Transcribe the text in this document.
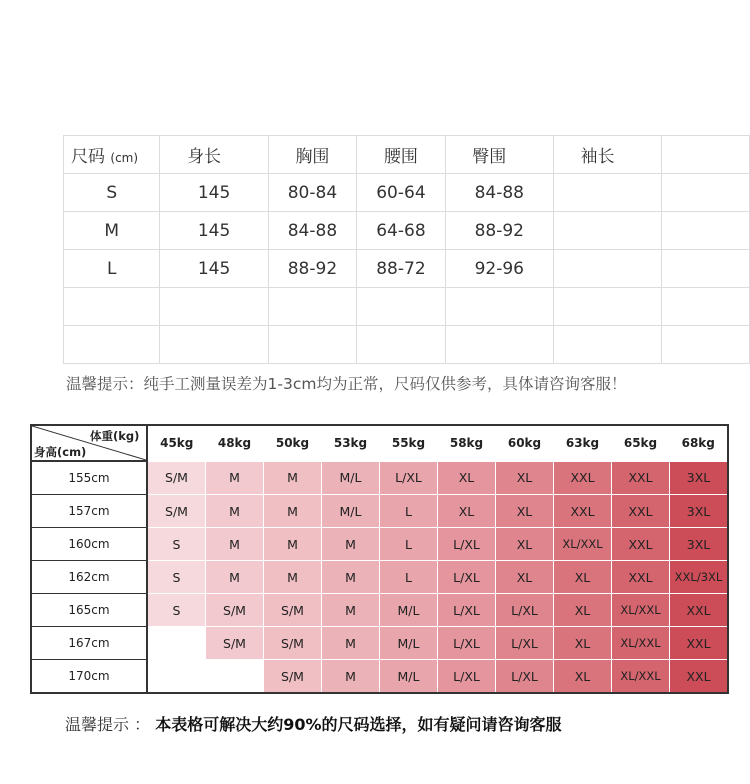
尺码 (cm)	身长	胸围	腰围	臀围	袖长	
S	145	80-84	60-64	84-88		
M	145	84-88	64-68	88-92		
L	145	88-92	88-72	92-96		

温馨提示：纯手工测量误差为1-3cm均为正常，尺码仅供参考，具体请咨询客服！
体重(kg)
身高(cm)	45kg	48kg	50kg	53kg	55kg	58kg	60kg	63kg	65kg	68kg
155cm	S/M	M	M	M/L	L/XL	XL	XL	XXL	XXL	3XL
157cm	S/M	M	M	M/L	L	XL	XL	XXL	XXL	3XL
160cm	S	M	M	M	L	L/XL	XL	XL/XXL	XXL	3XL
162cm	S	M	M	M	L	L/XL	XL	XL	XXL	XXL/3XL
165cm	S	S/M	S/M	M	M/L	L/XL	L/XL	XL	XL/XXL	XXL
167cm		S/M	S/M	M	M/L	L/XL	L/XL	XL	XL/XXL	XXL
170cm			S/M	M	M/L	L/XL	L/XL	XL	XL/XXL	XXL
温馨提示 ： 本表格可解决大约90%的尺码选择，如有疑问请咨询客服
